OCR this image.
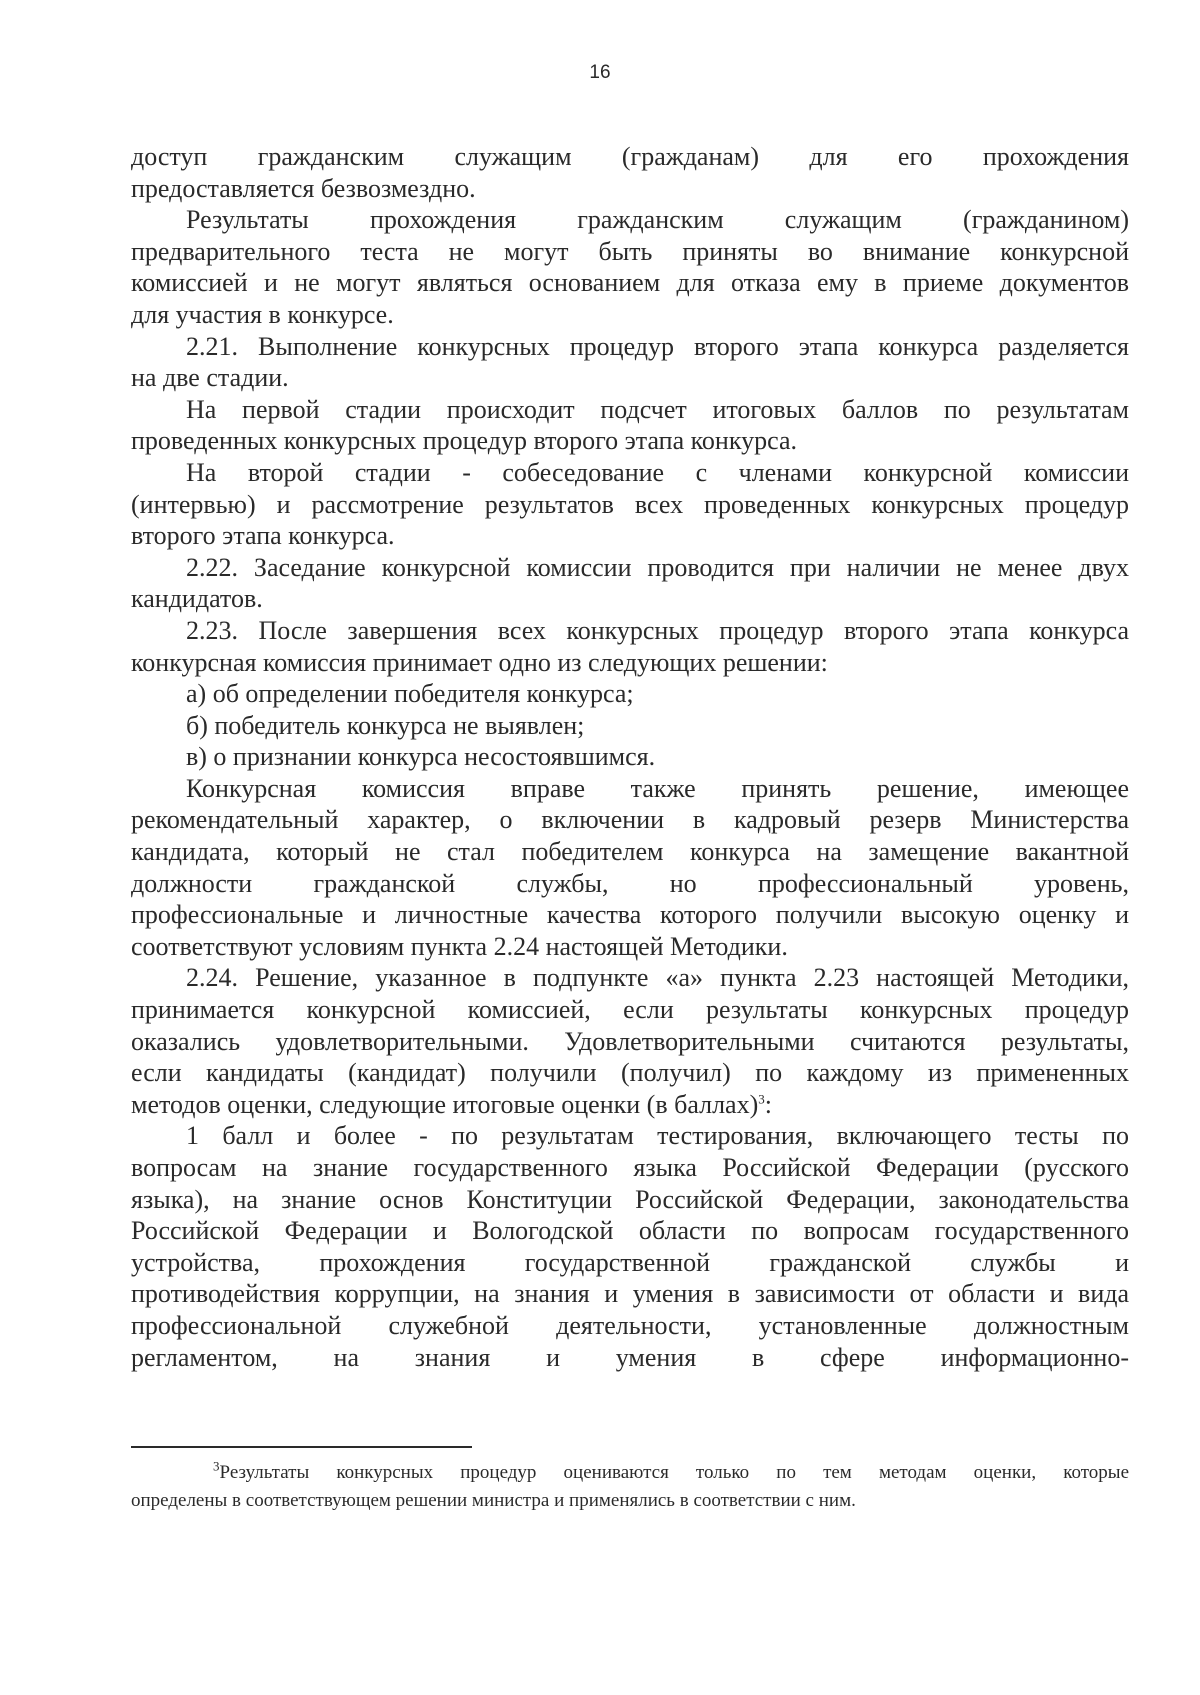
16
доступ гражданским служащим (гражданам) для его прохождения
предоставляется безвозмездно.
Результаты прохождения гражданским служащим (гражданином)
предварительного теста не могут быть приняты во внимание конкурсной
комиссией и не могут являться основанием для отказа ему в приеме документов
для участия в конкурсе.
2.21. Выполнение конкурсных процедур второго этапа конкурса разделяется
на две стадии.
На первой стадии происходит подсчет итоговых баллов по результатам
проведенных конкурсных процедур второго этапа конкурса.
На второй стадии - собеседование с членами конкурсной комиссии
(интервью) и рассмотрение результатов всех проведенных конкурсных процедур
второго этапа конкурса.
2.22. Заседание конкурсной комиссии проводится при наличии не менее двух
кандидатов.
2.23. После завершения всех конкурсных процедур второго этапа конкурса
конкурсная комиссия принимает одно из следующих решении:
а) об определении победителя конкурса;
б) победитель конкурса не выявлен;
в) о признании конкурса несостоявшимся.
Конкурсная комиссия вправе также принять решение, имеющее
рекомендательный характер, о включении в кадровый резерв Министерства
кандидата, который не стал победителем конкурса на замещение вакантной
должности гражданской службы, но профессиональный уровень,
профессиональные и личностные качества которого получили высокую оценку и
соответствуют условиям пункта 2.24 настоящей Методики.
2.24. Решение, указанное в подпункте «а» пункта 2.23 настоящей Методики,
принимается конкурсной комиссией, если результаты конкурсных процедур
оказались удовлетворительными. Удовлетворительными считаются результаты,
если кандидаты (кандидат) получили (получил) по каждому из примененных
методов оценки, следующие итоговые оценки (в баллах)$^3$:
1 балл и более - по результатам тестирования, включающего тесты по
вопросам на знание государственного языка Российской Федерации (русского
языка), на знание основ Конституции Российской Федерации, законодательства
Российской Федерации и Вологодской области по вопросам государственного
устройства, прохождения государственной гражданской службы и
противодействия коррупции, на знания и умения в зависимости от области и вида
профессиональной служебной деятельности, установленные должностным
регламентом, на знания и умения в сфере информационно-
$^3$Результаты конкурсных процедур оцениваются только по тем методам оценки, которые
определены в соответствующем решении министра и применялись в соответствии с ним.
